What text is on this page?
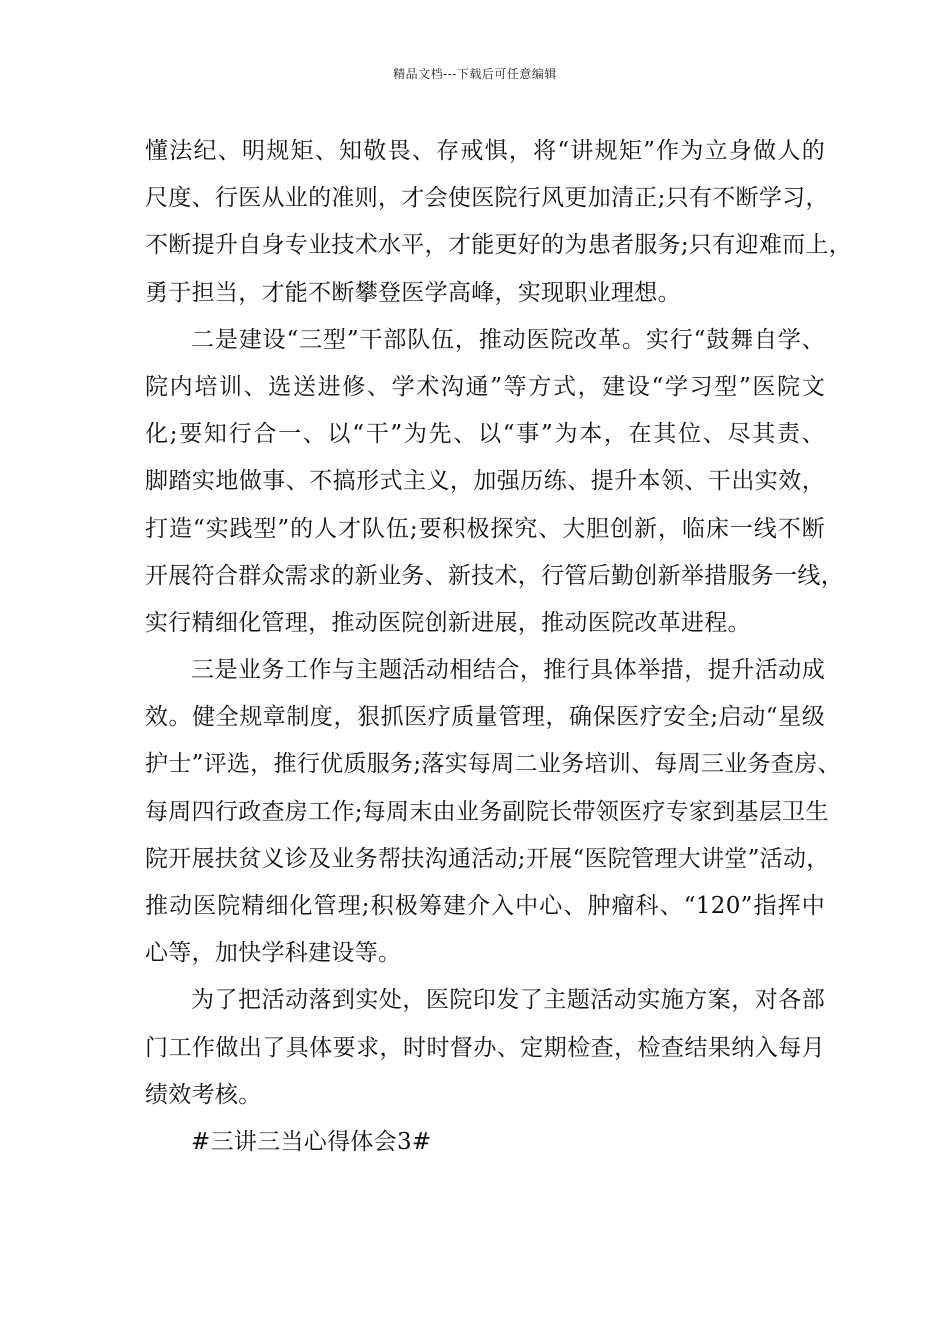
精品文档---下载后可任意编辑
懂法纪、明规矩、知敬畏、存戒惧，将“讲规矩”作为立身做人的
尺度、行医从业的准则，才会使医院行风更加清正;只有不断学习，
不断提升自身专业技术水平，才能更好的为患者服务;只有迎难而上，
勇于担当，才能不断攀登医学高峰，实现职业理想。
二是建设“三型”干部队伍，推动医院改革。实行“鼓舞自学、
院内培训、选送进修、学术沟通”等方式，建设“学习型”医院文
化;要知行合一、以“干”为先、以“事”为本，在其位、尽其责、
脚踏实地做事、不搞形式主义，加强历练、提升本领、干出实效，
打造“实践型”的人才队伍;要积极探究、大胆创新，临床一线不断
开展符合群众需求的新业务、新技术，行管后勤创新举措服务一线，
实行精细化管理，推动医院创新进展，推动医院改革进程。
三是业务工作与主题活动相结合，推行具体举措，提升活动成
效。健全规章制度，狠抓医疗质量管理，确保医疗安全;启动“星级
护士”评选，推行优质服务;落实每周二业务培训、每周三业务查房、
每周四行政查房工作;每周末由业务副院长带领医疗专家到基层卫生
院开展扶贫义诊及业务帮扶沟通活动;开展“医院管理大讲堂”活动，
推动医院精细化管理;积极筹建介入中心、肿瘤科、“120”指挥中
心等，加快学科建设等。
为了把活动落到实处，医院印发了主题活动实施方案，对各部
门工作做出了具体要求，时时督办、定期检查，检查结果纳入每月
绩效考核。
#三讲三当心得体会3#
